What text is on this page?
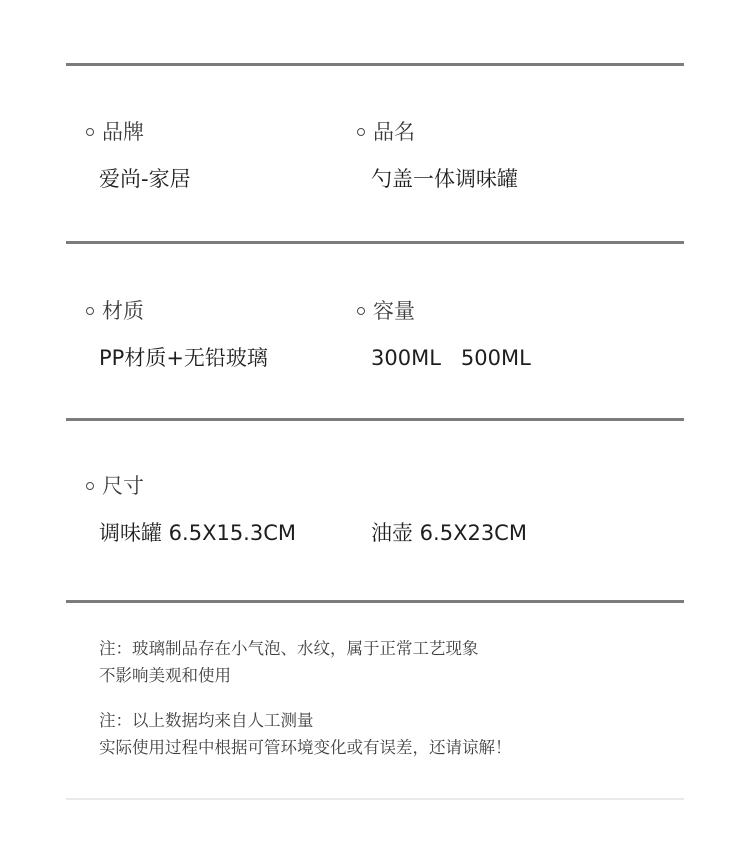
品牌
爱尚-家居
品名
勺盖一体调味罐
材质
PP材质+无铅玻璃
容量
300ML   500ML
尺寸
调味罐 6.5X15.3CM	油壶 6.5X23CM
注：玻璃制品存在小气泡、水纹，属于正常工艺现象
不影响美观和使用
注：以上数据均来自人工测量
实际使用过程中根据可管环境变化或有误差，还请谅解！
